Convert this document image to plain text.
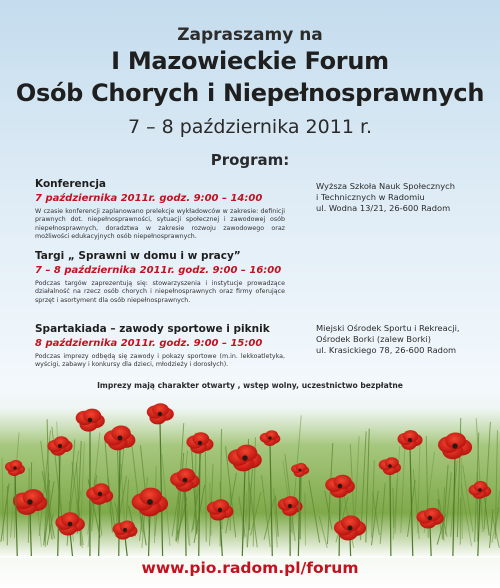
Zapraszamy na
I Mazowieckie Forum
Osób Chorych i Niepełnosprawnych
7 – 8 października 2011 r.
Program:
Konferencja
7 października 2011r. godz. 9:00 – 14:00
W czasie konferencji zaplanowano prelekcje wykładowców w zakresie: definicji prawnych dot. niepełnosprawności, sytuacji społecznej i zawodowej osób niepełnosprawnych, doradztwa w zakresie rozwoju zawodowego oraz możliwości edukacyjnych osób niepełnosprawnych.
Targi „ Sprawni w domu i w pracy”
7 – 8 października 2011r. godz. 9:00 – 16:00
Podczas targów zaprezentują się: stowarzyszenia i instytucje prowadzące działalność na rzecz osób chorych i niepełnosprawnych oraz firmy oferujące sprzęt i asortyment dla osób niepełnosprawnych.
Spartakiada – zawody sportowe i piknik
8 października 2011r. godz. 9:00 – 15:00
Podczas imprezy odbędą się zawody i pokazy sportowe (m.in. lekkoatletyka, wyścigi, zabawy i konkursy dla dzieci, młodzieży i dorosłych).
Wyższa Szkoła Nauk Społecznych
i Technicznych w Radomiu
ul. Wodna 13/21, 26-600 Radom
Miejski Ośrodek Sportu i Rekreacji,
Ośrodek Borki (zalew Borki)
ul. Krasickiego 78, 26-600 Radom
Imprezy mają charakter otwarty , wstęp wolny, uczestnictwo bezpłatne
www.pio.radom.pl/forum
